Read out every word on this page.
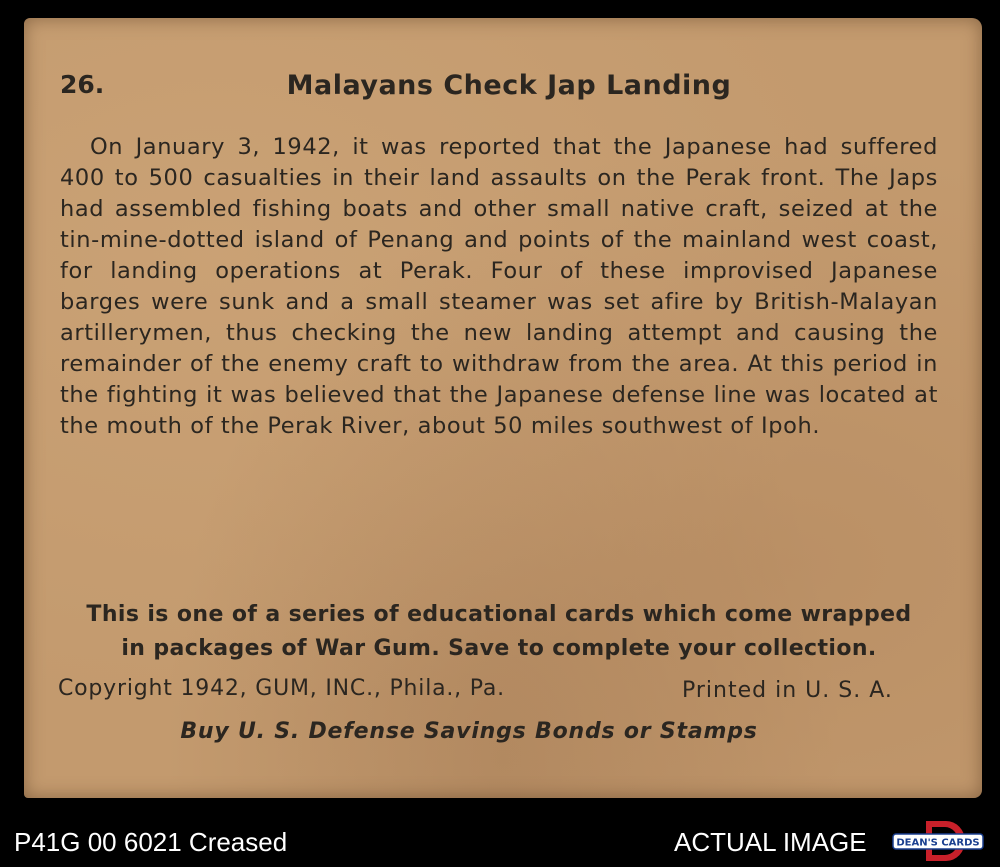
26.	Malayans Check Jap Landing
On January 3, 1942, it was reported that the Japanese had suffered 400 to 500 casualties in their land assaults on the Perak front. The Japs had assembled fishing boats and other small native craft, seized at the tin-mine-dotted island of Penang and points of the mainland west coast, for landing operations at Perak. Four of these improvised Japanese barges were sunk and a small steamer was set afire by British-Malayan artillerymen, thus checking the new landing attempt and causing the remainder of the enemy craft to withdraw from the area. At this period in the fighting it was believed that the Japanese defense line was located at the mouth of the Perak River, about 50 miles southwest of Ipoh.
This is one of a series of educational cards which come wrapped
in packages of War Gum. Save to complete your collection.
Copyright 1942, GUM, INC., Phila., Pa.	Printed in U. S. A.
Buy U. S. Defense Savings Bonds or Stamps
P41G 00 6021 Creased	ACTUAL IMAGE	DEAN'S CARDS
